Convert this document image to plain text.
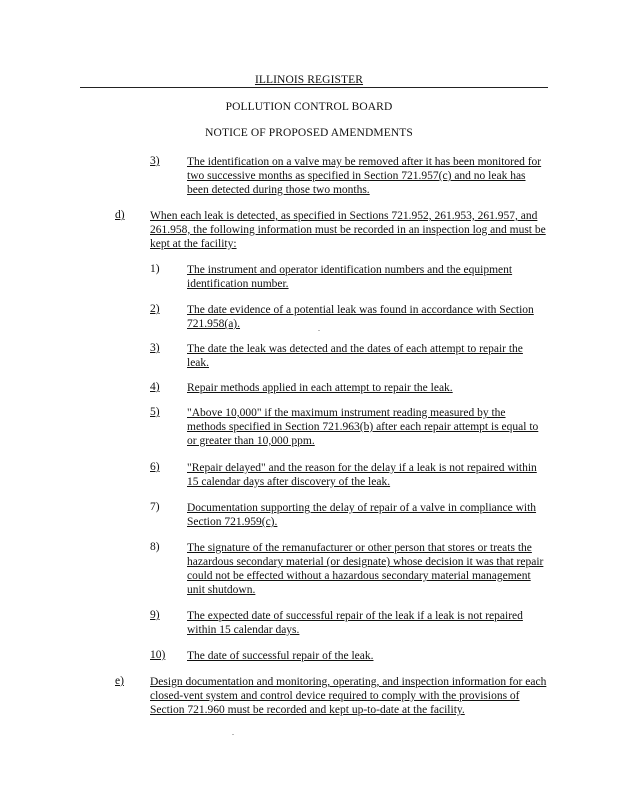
ILLINOIS REGISTER
POLLUTION CONTROL BOARD
NOTICE OF PROPOSED AMENDMENTS
3) The identification on a valve may be removed after it has been monitored for two successive months as specified in Section 721.957(c) and no leak has been detected during those two months.
d) When each leak is detected, as specified in Sections 721.952, 261.953, 261.957, and 261.958, the following information must be recorded in an inspection log and must be kept at the facility:
1) The instrument and operator identification numbers and the equipment identification number.
2) The date evidence of a potential leak was found in accordance with Section 721.958(a).	.
3) The date the leak was detected and the dates of each attempt to repair the leak.
4) Repair methods applied in each attempt to repair the leak.
5) "Above 10,000" if the maximum instrument reading measured by the methods specified in Section 721.963(b) after each repair attempt is equal to or greater than 10,000 ppm.
6) "Repair delayed" and the reason for the delay if a leak is not repaired within 15 calendar days after discovery of the leak.
7) Documentation supporting the delay of repair of a valve in compliance with Section 721.959(c).
8) The signature of the remanufacturer or other person that stores or treats the hazardous secondary material (or designate) whose decision it was that repair could not be effected without a hazardous secondary material management unit shutdown.
9) The expected date of successful repair of the leak if a leak is not repaired within 15 calendar days.
10) The date of successful repair of the leak.
e) Design documentation and monitoring, operating, and inspection information for each closed-vent system and control device required to comply with the provisions of Section 721.960 must be recorded and kept up-to-date at the facility.
.
